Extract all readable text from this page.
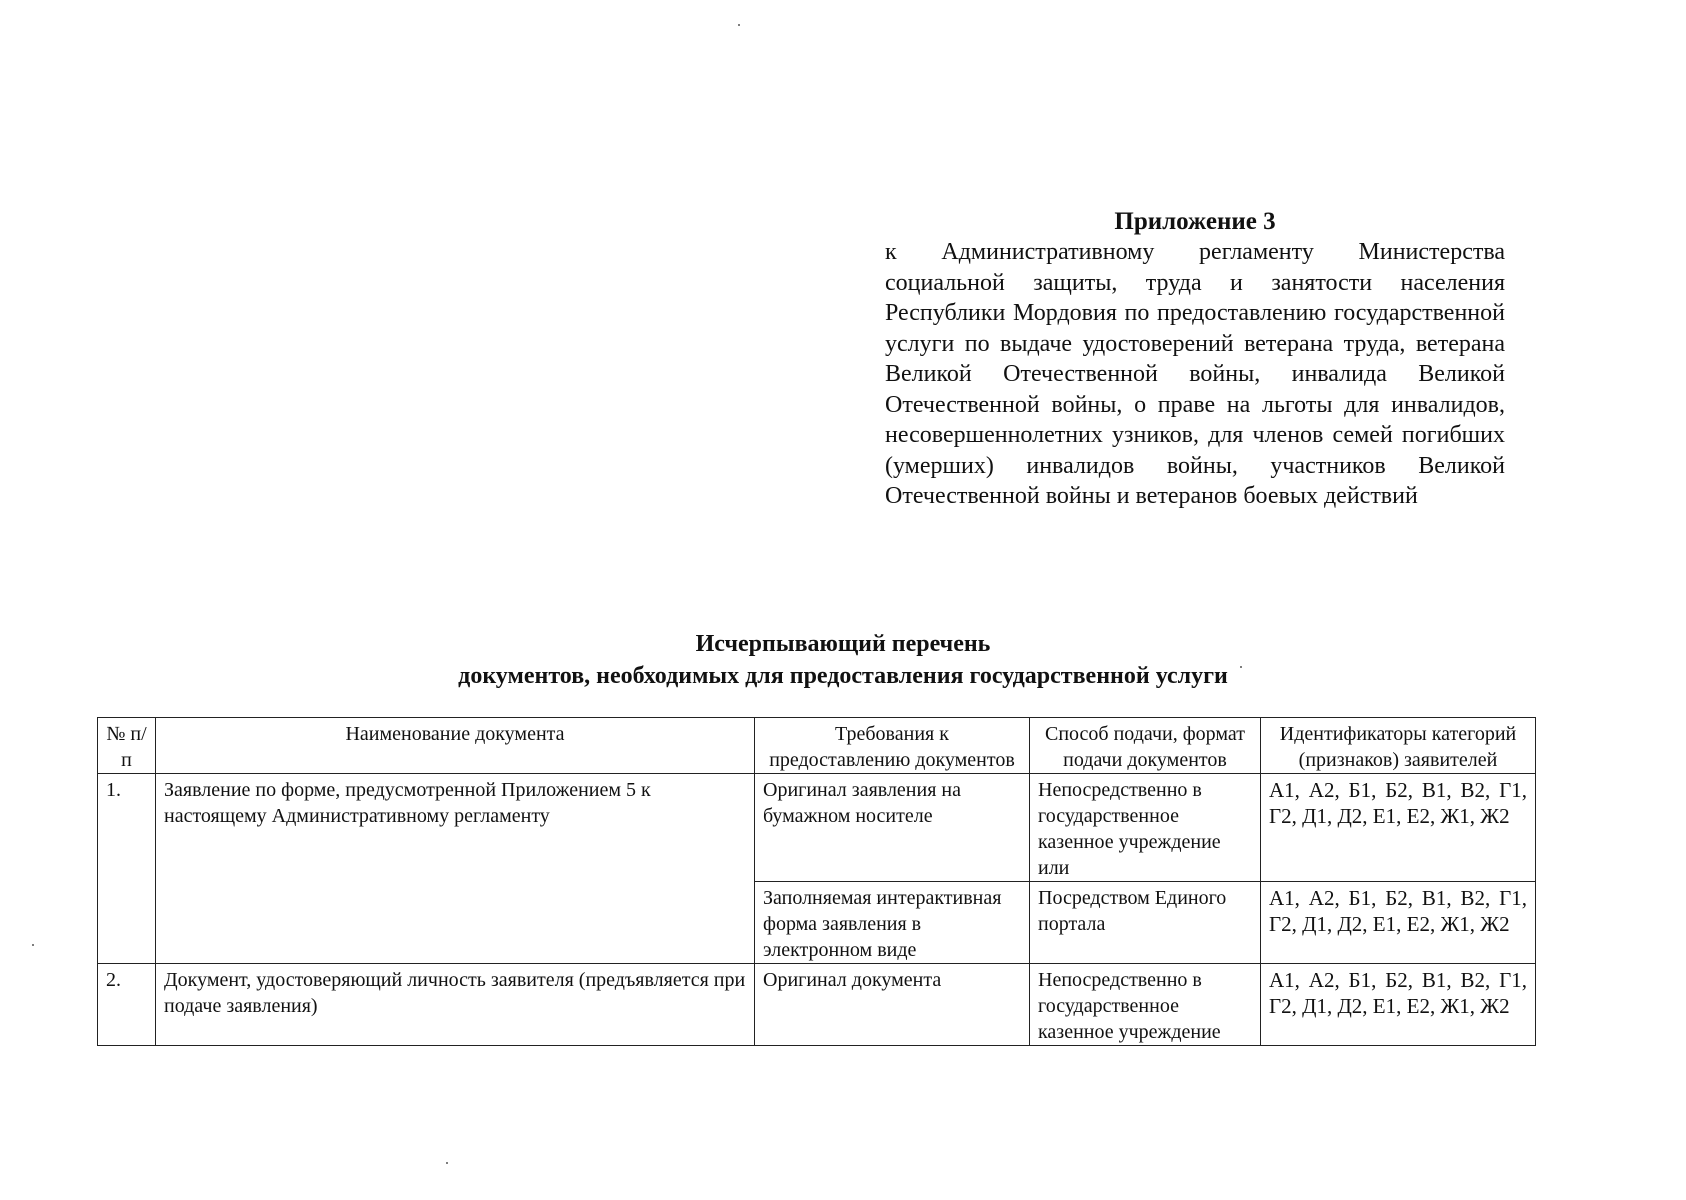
Приложение 3

к Административному регламенту Министерства социальной защиты, труда и занятости населения Республики Мордовия по предоставлению государственной услуги по выдаче удостоверений ветерана труда, ветерана Великой Отечественной войны, инвалида Великой Отечественной войны, о праве на льготы для инвалидов, несовершеннолетних узников, для членов семей погибших (умерших) инвалидов войны, участников Великой Отечественной войны и ветеранов боевых действий

Исчерпывающий перечень
документов, необходимых для предоставления государственной услуги
№ п/п	Наименование документа	Требования к предоставлению документов	Способ подачи, формат подачи документов	Идентификаторы категорий (признаков) заявителей
1.	Заявление по форме, предусмотренной Приложением 5 к настоящему Административному регламенту	Оригинал заявления на бумажном носителе	Непосредственно в государственное казенное учреждение или	А1, А2, Б1, Б2, В1, В2, Г1, Г2, Д1, Д2, Е1, Е2, Ж1, Ж2
		Заполняемая интерактивная форма заявления в электронном виде	Посредством Единого портала	А1, А2, Б1, Б2, В1, В2, Г1, Г2, Д1, Д2, Е1, Е2, Ж1, Ж2
2.	Документ, удостоверяющий личность заявителя (предъявляется при подаче заявления)	Оригинал документа	Непосредственно в государственное казенное учреждение	А1, А2, Б1, Б2, В1, В2, Г1, Г2, Д1, Д2, Е1, Е2, Ж1, Ж2
